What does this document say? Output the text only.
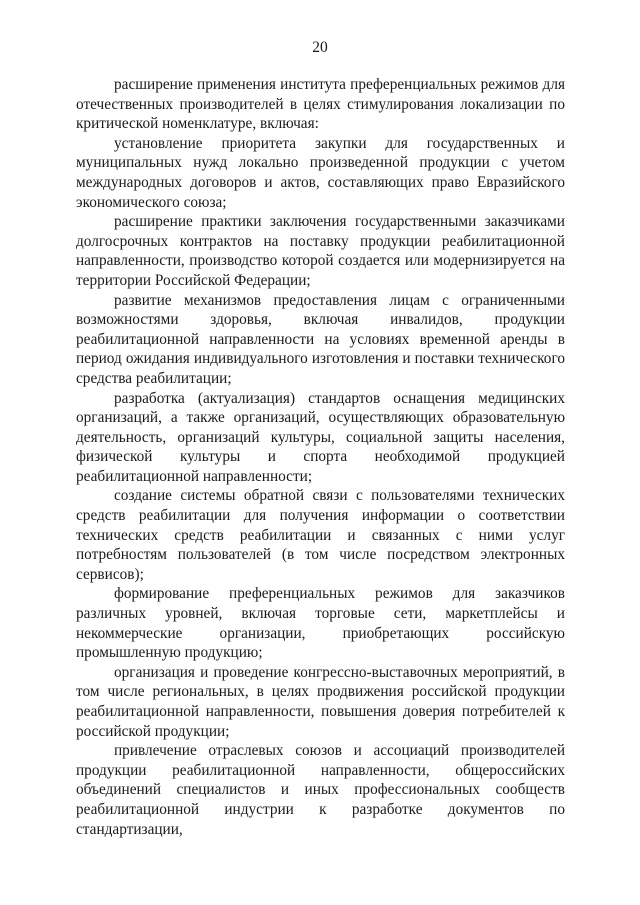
20

расширение применения института преференциальных режимов для отечественных производителей в целях стимулирования локализации по критической номенклатуре, включая:

установление приоритета закупки для государственных и муниципальных нужд локально произведенной продукции с учетом международных договоров и актов, составляющих право Евразийского экономического союза;

расширение практики заключения государственными заказчиками долгосрочных контрактов на поставку продукции реабилитационной направленности, производство которой создается или модернизируется на территории Российской Федерации;

развитие механизмов предоставления лицам с ограниченными возможностями здоровья, включая инвалидов, продукции реабилитационной направленности на условиях временной аренды в период ожидания индивидуального изготовления и поставки технического средства реабилитации;

разработка (актуализация) стандартов оснащения медицинских организаций, а также организаций, осуществляющих образовательную деятельность, организаций культуры, социальной защиты населения, физической культуры и спорта необходимой продукцией реабилитационной направленности;

создание системы обратной связи с пользователями технических средств реабилитации для получения информации о соответствии технических средств реабилитации и связанных с ними услуг потребностям пользователей (в том числе посредством электронных сервисов);

формирование преференциальных режимов для заказчиков различных уровней, включая торговые сети, маркетплейсы и некоммерческие организации, приобретающих российскую промышленную продукцию;

организация и проведение конгрессно-выставочных мероприятий, в том числе региональных, в целях продвижения российской продукции реабилитационной направленности, повышения доверия потребителей к российской продукции;

привлечение отраслевых союзов и ассоциаций производителей продукции реабилитационной направленности, общероссийских объединений специалистов и иных профессиональных сообществ реабилитационной индустрии к разработке документов по стандартизации,
